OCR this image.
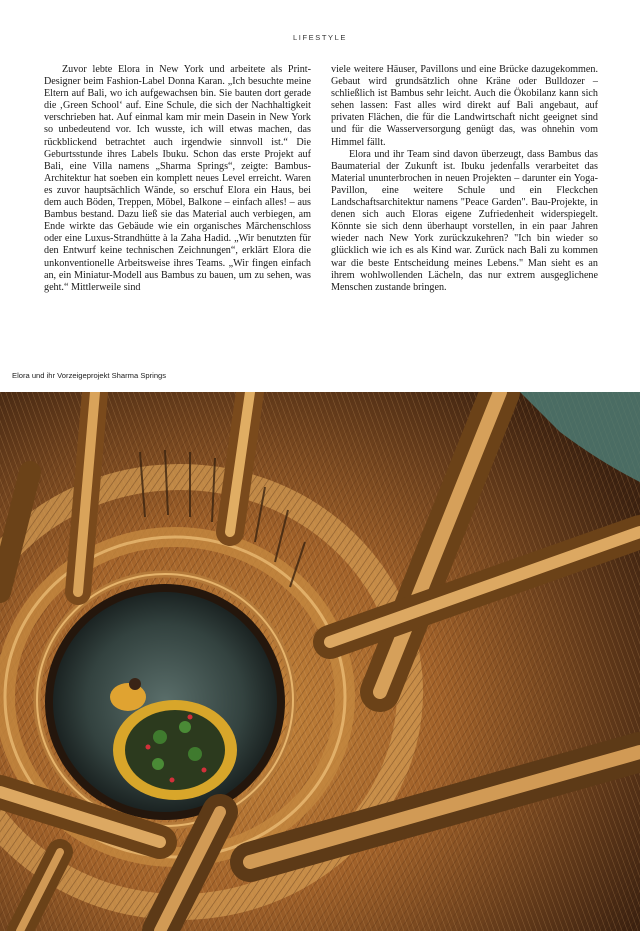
LIFESTYLE

Zuvor lebte Elora in New York und arbeitete als Print-Designer beim Fashion-Label Donna Karan. „Ich besuchte meine Eltern auf Bali, wo ich aufgewachsen bin. Sie bauten dort gerade die ‚Green School‘ auf. Eine Schule, die sich der Nachhaltigkeit verschrieben hat. Auf einmal kam mir mein Dasein in New York so unbedeutend vor. Ich wusste, ich will etwas machen, das rückblickend betrachtet auch irgendwie sinnvoll ist.“ Die Geburtsstunde ihres Labels Ibuku. Schon das erste Projekt auf Bali, eine Villa namens „Sharma Springs“, zeigte: Bambus-Architektur hat soeben ein komplett neues Level erreicht. Waren es zuvor hauptsächlich Wände, so erschuf Elora ein Haus, bei dem auch Böden, Treppen, Möbel, Balkone – einfach alles! – aus Bambus bestand. Dazu ließ sie das Material auch verbiegen, am Ende wirkte das Gebäude wie ein organisches Märchenschloss oder eine Luxus-Strandhütte à la Zaha Hadid. „Wir benutzten für den Entwurf keine technischen Zeichnungen“, erklärt Elora die unkonventionelle Arbeitsweise ihres Teams. „Wir fingen einfach an, ein Miniatur-Modell aus Bambus zu bauen, um zu sehen, was geht.“ Mittlerweile sind

viele weitere Häuser, Pavillons und eine Brücke dazugekommen. Gebaut wird grundsätzlich ohne Kräne oder Bulldozer – schließlich ist Bambus sehr leicht. Auch die Ökobilanz kann sich sehen lassen: Fast alles wird direkt auf Bali angebaut, auf privaten Flächen, die für die Landwirtschaft nicht geeignet sind und für die Wasserversorgung genügt das, was ohnehin vom Himmel fällt.

Elora und ihr Team sind davon überzeugt, dass Bambus das Baumaterial der Zukunft ist. Ibuku jedenfalls verarbeitet das Material ununterbrochen in neuen Projekten – darunter ein Yoga-Pavillon, eine weitere Schule und ein Fleckchen Landschaftsarchitektur namens "Peace Garden". Bau-Projekte, in denen sich auch Eloras eigene Zufriedenheit widerspiegelt. Könnte sie sich denn überhaupt vorstellen, in ein paar Jahren wieder nach New York zurückzukehren? "Ich bin wieder so glücklich wie ich es als Kind war. Zurück nach Bali zu kommen war die beste Entscheidung meines Lebens." Man sieht es an ihrem wohlwollenden Lächeln, das nur extrem ausgeglichene Menschen zustande bringen.

Elora und ihr Vorzeigeprojekt Sharma Springs
